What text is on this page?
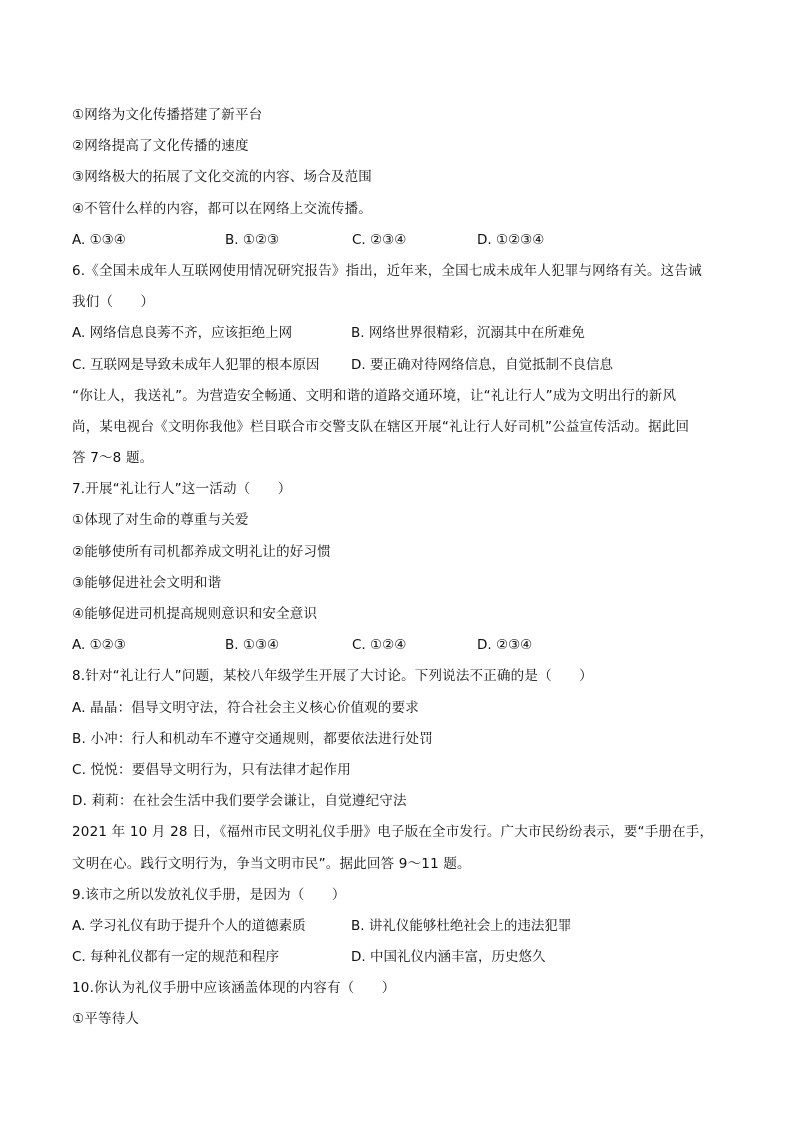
①网络为文化传播搭建了新平台
②网络提高了文化传播的速度
③网络极大的拓展了文化交流的内容、场合及范围
④不管什么样的内容，都可以在网络上交流传播。
A. ①③④	B. ①②③	C. ②③④	D. ①②③④
6.《全国未成年人互联网使用情况研究报告》指出，近年来，全国七成未成年人犯罪与网络有关。这告诫
我们（　　）
A. 网络信息良莠不齐，应该拒绝上网	B. 网络世界很精彩，沉溺其中在所难免
C. 互联网是导致未成年人犯罪的根本原因	D. 要正确对待网络信息，自觉抵制不良信息
“你让人，我送礼”。为营造安全畅通、文明和谐的道路交通环境，让“礼让行人”成为文明出行的新风
尚，某电视台《文明你我他》栏目联合市交警支队在辖区开展“礼让行人好司机”公益宣传活动。据此回
答 7～8 题。
7.开展“礼让行人”这一活动（　　）
①体现了对生命的尊重与关爱
②能够使所有司机都养成文明礼让的好习惯
③能够促进社会文明和谐
④能够促进司机提高规则意识和安全意识
A. ①②③	B. ①③④	C. ①②④	D. ②③④
8.针对“礼让行人”问题，某校八年级学生开展了大讨论。下列说法不正确的是（　　）
A. 晶晶：倡导文明守法，符合社会主义核心价值观的要求
B. 小冲：行人和机动车不遵守交通规则，都要依法进行处罚
C. 悦悦：要倡导文明行为，只有法律才起作用
D. 莉莉：在社会生活中我们要学会谦让，自觉遵纪守法
2021 年 10 月 28 日，《福州市民文明礼仪手册》电子版在全市发行。广大市民纷纷表示，要“手册在手，
文明在心。践行文明行为，争当文明市民”。据此回答 9～11 题。
9.该市之所以发放礼仪手册，是因为（　　）
A. 学习礼仪有助于提升个人的道德素质	B. 讲礼仪能够杜绝社会上的违法犯罪
C. 每种礼仪都有一定的规范和程序	D. 中国礼仪内涵丰富，历史悠久
10.你认为礼仪手册中应该涵盖体现的内容有（　　）
①平等待人
